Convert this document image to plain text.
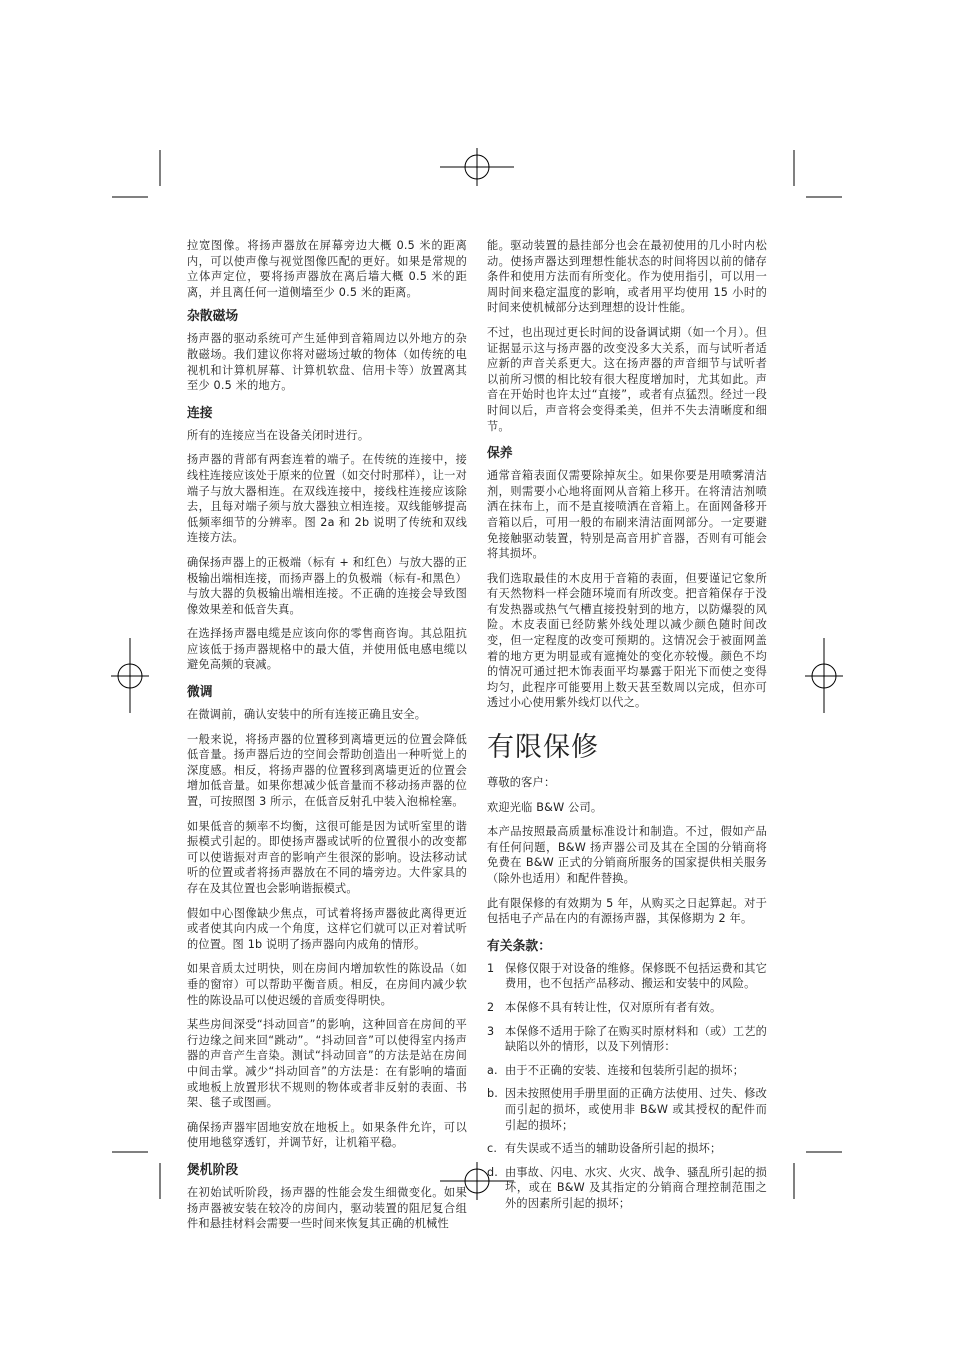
拉宽图像。将扬声器放在屏幕旁边大概 0.5 米的距离内，可以使声像与视觉图像匹配的更好。如果是常规的立体声定位，要将扬声器放在离后墙大概 0.5 米的距离，并且离任何一道侧墙至少 0.5 米的距离。

杂散磁场

扬声器的驱动系统可产生延伸到音箱周边以外地方的杂散磁场。我们建议你将对磁场过敏的物体（如传统的电视机和计算机屏幕、计算机软盘、信用卡等）放置离其至少 0.5 米的地方。

连接

所有的连接应当在设备关闭时进行。

扬声器的背部有两套连着的端子。在传统的连接中，接线柱连接应该处于原来的位置（如交付时那样），让一对端子与放大器相连。在双线连接中，接线柱连接应该除去，且每对端子须与放大器独立相连接。双线能够提高低频率细节的分辨率。图 2a 和 2b 说明了传统和双线连接方法。

确保扬声器上的正极端（标有 + 和红色）与放大器的正极输出端相连接，而扬声器上的负极端（标有-和黑色）与放大器的负极输出端相连接。不正确的连接会导致图像效果差和低音失真。

在选择扬声器电缆是应该向你的零售商咨询。其总阻抗应该低于扬声器规格中的最大值，并使用低电感电缆以避免高频的衰减。

微调

在微调前，确认安装中的所有连接正确且安全。

一般来说，将扬声器的位置移到离墙更远的位置会降低低音量。扬声器后边的空间会帮助创造出一种听觉上的深度感。相反，将扬声器的位置移到离墙更近的位置会增加低音量。如果你想减少低音量而不移动扬声器的位置，可按照图 3 所示，在低音反射孔中装入泡棉栓塞。

如果低音的频率不均衡，这很可能是因为试听室里的谐振模式引起的。即使扬声器或试听的位置很小的改变都可以使谐振对声音的影响产生很深的影响。设法移动试听的位置或者将扬声器放在不同的墙旁边。大件家具的存在及其位置也会影响谐振模式。

假如中心图像缺少焦点，可试着将扬声器彼此离得更近或者使其向内成一个角度，这样它们就可以正对着试听的位置。图 1b 说明了扬声器向内成角的情形。

如果音质太过明快，则在房间内增加软性的陈设品（如垂的窗帘）可以帮助平衡音质。相反，在房间内减少软性的陈设品可以使迟缓的音质变得明快。

某些房间深受“抖动回音”的影响，这种回音在房间的平行边缘之间来回“跳动”。“抖动回音”可以使得室内扬声器的声音产生音染。测试“抖动回音”的方法是站在房间中间击掌。减少“抖动回音”的方法是：在有影响的墙面或地板上放置形状不规则的物体或者非反射的表面、书架、毯子或图画。

确保扬声器牢固地安放在地板上。如果条件允许，可以使用地毯穿透钉，并调节好，让机箱平稳。

煲机阶段

在初始试听阶段，扬声器的性能会发生细微变化。如果扬声器被安装在较冷的房间内，驱动装置的阻尼复合组件和悬挂材料会需要一些时间来恢复其正确的机械性

能。驱动装置的悬挂部分也会在最初使用的几小时内松动。使扬声器达到理想性能状态的时间将因以前的储存条件和使用方法而有所变化。作为使用指引，可以用一周时间来稳定温度的影响，或者用平均使用 15 小时的时间来使机械部分达到理想的设计性能。

不过，也出现过更长时间的设备调试期（如一个月）。但证据显示这与扬声器的改变没多大关系，而与试听者适应新的声音关系更大。这在扬声器的声音细节与试听者以前所习惯的相比较有很大程度增加时，尤其如此。声音在开始时也许太过“直接”，或者有点猛烈。经过一段时间以后，声音将会变得柔美，但并不失去清晰度和细节。

保养

通常音箱表面仅需要除掉灰尘。如果你要是用喷雾清洁剂，则需要小心地将面网从音箱上移开。在将清洁剂喷洒在抹布上，而不是直接喷洒在音箱上。在面网备移开音箱以后，可用一般的布刷来清洁面网部分。一定要避免接触驱动装置，特别是高音用扩音器，否则有可能会将其损坏。

我们选取最佳的木皮用于音箱的表面，但要谨记它象所有天然物料一样会随环境而有所改变。把音箱保存于没有发热器或热气气槽直接投射到的地方，以防爆裂的风险。木皮表面已经防紫外线处理以减少颜色随时间改变，但一定程度的改变可预期的。这情况会于被面网盖着的地方更为明显或有遮掩处的变化亦较慢。颜色不均的情况可通过把木饰表面平均暴露于阳光下而使之变得均匀，此程序可能要用上数天甚至数周以完成，但亦可透过小心使用紫外线灯以代之。

有限保修

尊敬的客户：

欢迎光临 B&W 公司。

本产品按照最高质量标准设计和制造。不过，假如产品有任何问题，B&W 扬声器公司及其在全国的分销商将免费在 B&W 正式的分销商所服务的国家提供相关服务（除外也适用）和配件替换。

此有限保修的有效期为 5 年，从购买之日起算起。对于包括电子产品在内的有源扬声器，其保修期为 2 年。

有关条款：
1 保修仅限于对设备的维修。保修既不包括运费和其它费用，也不包括产品移动、搬运和安装中的风险。
2 本保修不具有转让性，仅对原所有者有效。
3 本保修不适用于除了在购买时原材料和（或）工艺的缺陷以外的情形，以及下列情形：
a. 由于不正确的安装、连接和包装所引起的损坏；
b. 因未按照使用手册里面的正确方法使用、过失、修改而引起的损坏，或使用非 B&W 或其授权的配件而引起的损坏；
c. 有失误或不适当的辅助设备所引起的损坏；
d. 由事故、闪电、水灾、火灾、战争、骚乱所引起的损坏，或在 B&W 及其指定的分销商合理控制范围之外的因素所引起的损坏；
